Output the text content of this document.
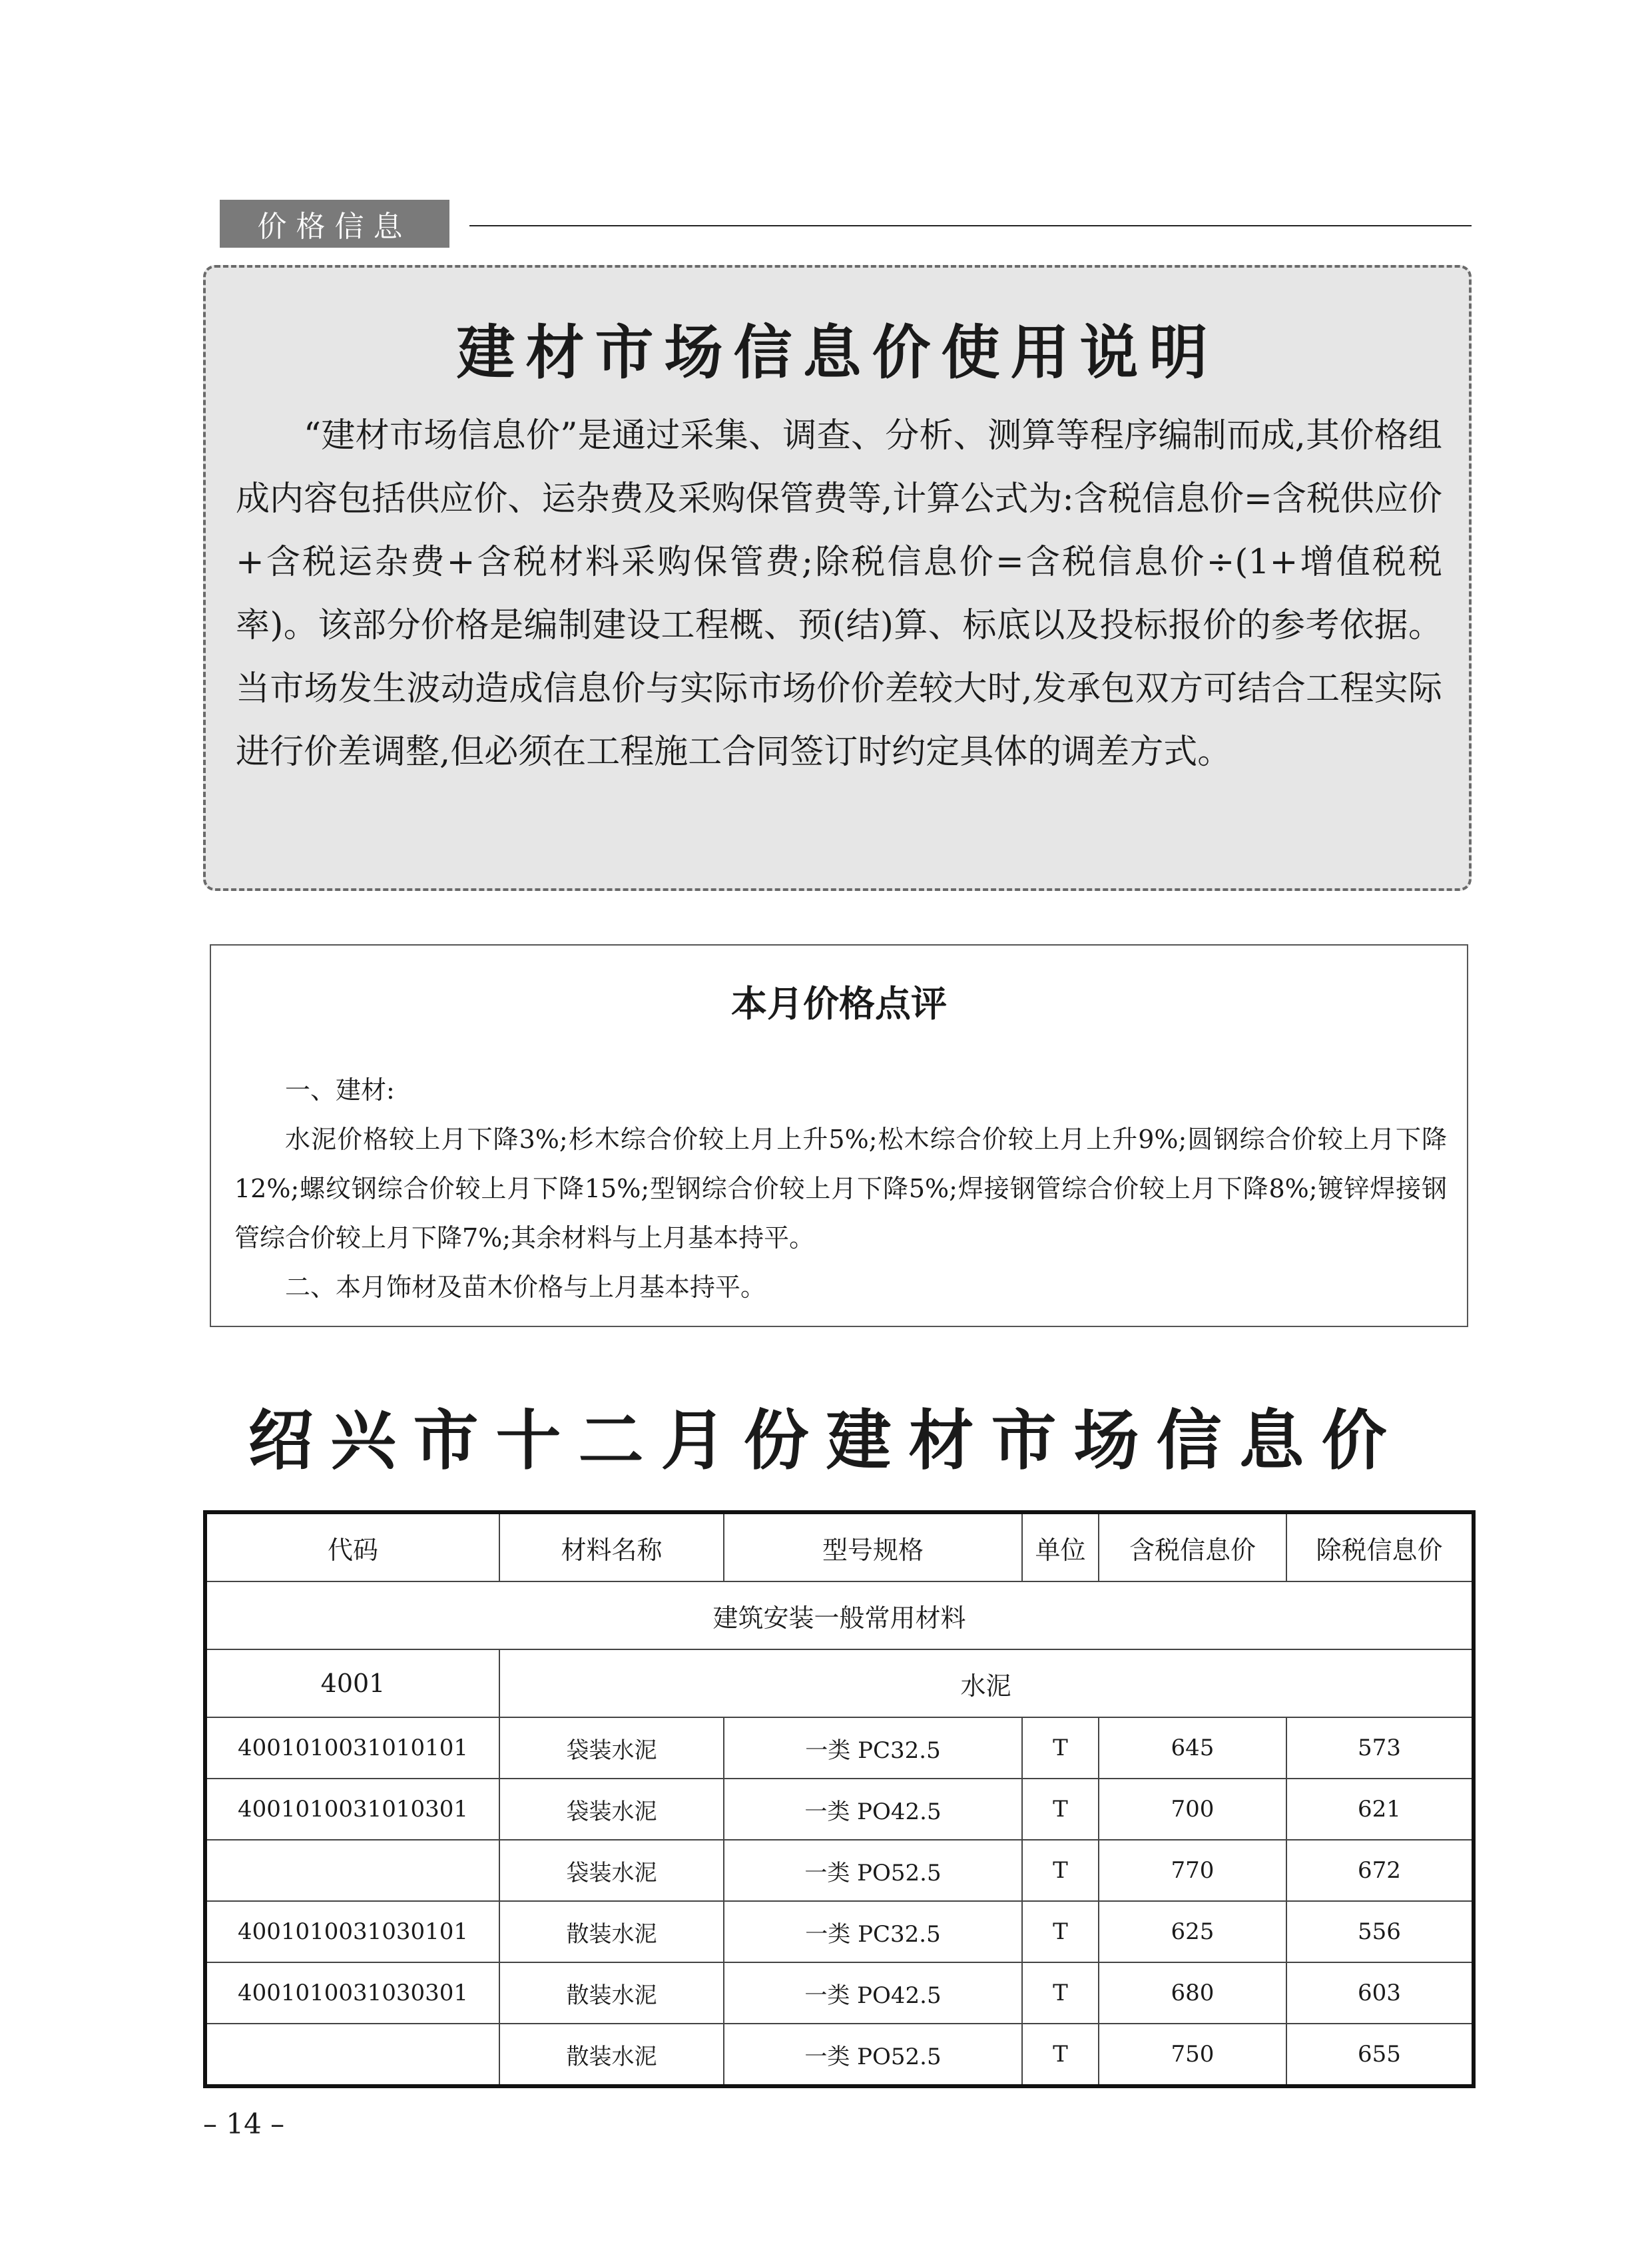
价格信息
建材市场信息价使用说明
“建材市场信息价”是通过采集、调查、分析、测算等程序编制而成,其价格组成内容包括供应价、运杂费及采购保管费等,计算公式为:含税信息价=含税供应价+含税运杂费+含税材料采购保管费;除税信息价=含税信息价÷(1+增值税税率)。该部分价格是编制建设工程概、预(结)算、标底以及投标报价的参考依据。当市场发生波动造成信息价与实际市场价价差较大时,发承包双方可结合工程实际进行价差调整,但必须在工程施工合同签订时约定具体的调差方式。
本月价格点评

一、建材:

水泥价格较上月下降3%;杉木综合价较上月上升5%;松木综合价较上月上升9%;圆钢综合价较上月下降12%;螺纹钢综合价较上月下降15%;型钢综合价较上月下降5%;焊接钢管综合价较上月下降8%;镀锌焊接钢管综合价较上月下降7%;其余材料与上月基本持平。

二、本月饰材及苗木价格与上月基本持平。

绍兴市十二月份建材市场信息价
代码	材料名称	型号规格	单位	含税信息价	除税信息价
建筑安装一般常用材料					
4001	水泥				
4001010031010101	袋装水泥	一类 PC32.5	T	645	573
4001010031010301	袋装水泥	一类 PO42.5	T	700	621
	袋装水泥	一类 PO52.5	T	770	672
4001010031030101	散装水泥	一类 PC32.5	T	625	556
4001010031030301	散装水泥	一类 PO42.5	T	680	603
	散装水泥	一类 PO52.5	T	750	655
– 14 –
